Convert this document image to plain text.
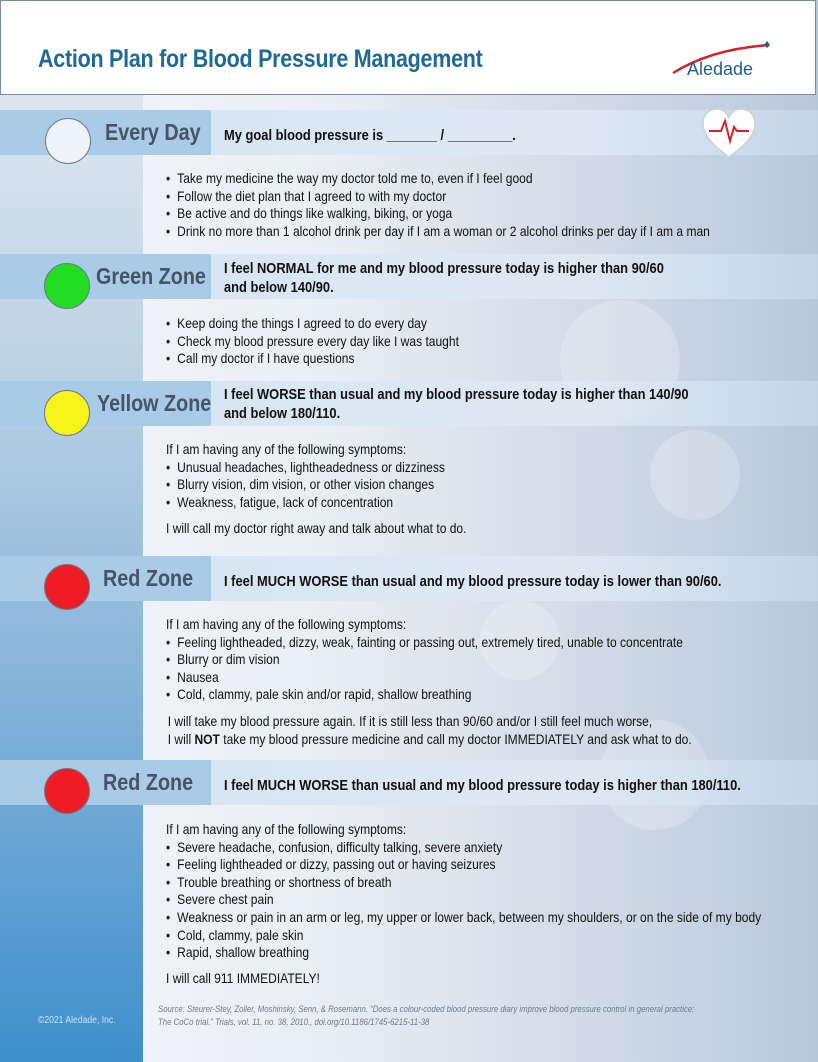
Action Plan for Blood Pressure Management	Aledade
Every Day My goal blood pressure is _______ / _________.
• Take my medicine the way my doctor told me to, even if I feel good
• Follow the diet plan that I agreed to with my doctor
• Be active and do things like walking, biking, or yoga
• Drink no more than 1 alcohol drink per day if I am a woman or 2 alcohol drinks per day if I am a man
Green Zone I feel NORMAL for me and my blood pressure today is higher than 90/60
and below 140/90.
• Keep doing the things I agreed to do every day
• Check my blood pressure every day like I was taught
• Call my doctor if I have questions
Yellow Zone I feel WORSE than usual and my blood pressure today is higher than 140/90
and below 180/110.

If I am having any of the following symptoms:

• Unusual headaches, lightheadedness or dizziness
• Blurry vision, dim vision, or other vision changes
• Weakness, fatigue, lack of concentration

I will call my doctor right away and talk about what to do.

Red Zone I feel MUCH WORSE than usual and my blood pressure today is lower than 90/60.

If I am having any of the following symptoms:

• Feeling lightheaded, dizzy, weak, fainting or passing out, extremely tired, unable to concentrate
• Blurry or dim vision
• Nausea
• Cold, clammy, pale skin and/or rapid, shallow breathing

I will take my blood pressure again. If it is still less than 90/60 and/or I still feel much worse,

I will NOT take my blood pressure medicine and call my doctor IMMEDIATELY and ask what to do.

Red Zone I feel MUCH WORSE than usual and my blood pressure today is higher than 180/110.

If I am having any of the following symptoms:

• Severe headache, confusion, difficulty talking, severe anxiety
• Feeling lightheaded or dizzy, passing out or having seizures
• Trouble breathing or shortness of breath
• Severe chest pain
• Weakness or pain in an arm or leg, my upper or lower back, between my shoulders, or on the side of my body
• Cold, clammy, pale skin
• Rapid, shallow breathing

I will call 911 IMMEDIATELY!

©2021 Aledade, Inc.
Source: Steurer-Stey, Zoller, Moshinsky, Senn, & Rosemann. “Does a colour-coded blood pressure diary improve blood pressure control in general practice:
The CoCo trial.” Trials, vol. 11, no. 38, 2010., doi.org/10.1186/1745-6215-11-38
